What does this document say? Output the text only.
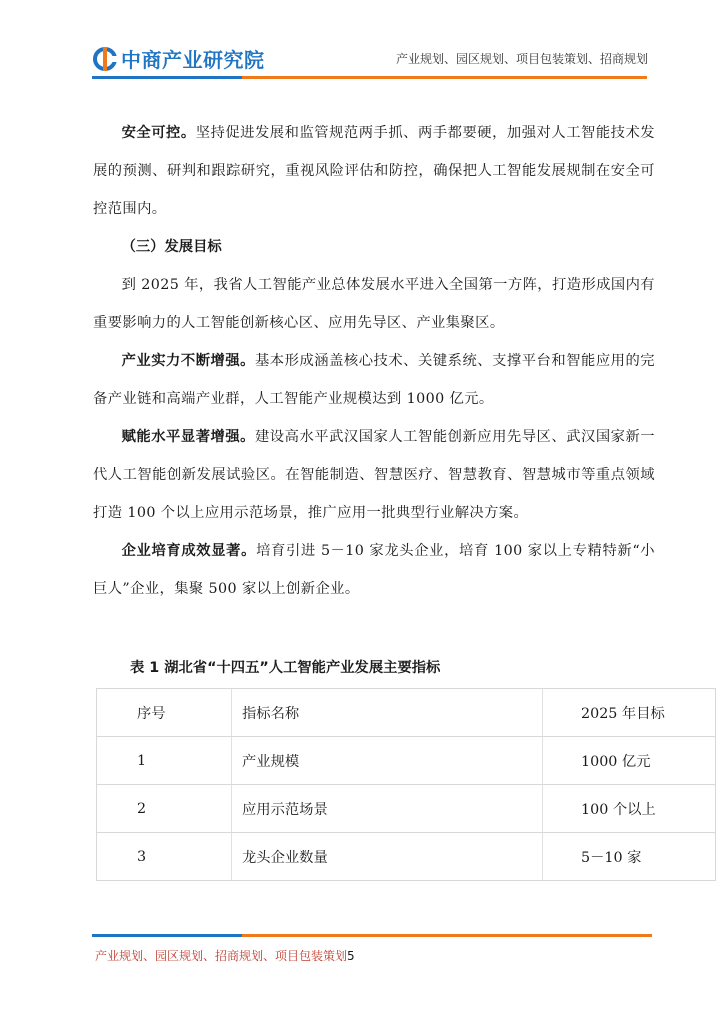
中商产业研究院	产业规划、园区规划、项目包装策划、招商规划

安全可控。坚持促进发展和监管规范两手抓、两手都要硬，加强对人工智能技术发展的预测、研判和跟踪研究，重视风险评估和防控，确保把人工智能发展规制在安全可控范围内。

（三）发展目标

到 2025 年，我省人工智能产业总体发展水平进入全国第一方阵，打造形成国内有重要影响力的人工智能创新核心区、应用先导区、产业集聚区。

产业实力不断增强。基本形成涵盖核心技术、关键系统、支撑平台和智能应用的完备产业链和高端产业群，人工智能产业规模达到 1000 亿元。

赋能水平显著增强。建设高水平武汉国家人工智能创新应用先导区、武汉国家新一代人工智能创新发展试验区。在智能制造、智慧医疗、智慧教育、智慧城市等重点领域打造 100 个以上应用示范场景，推广应用一批典型行业解决方案。

企业培育成效显著。培育引进 5－10 家龙头企业，培育 100 家以上专精特新“小巨人”企业，集聚 500 家以上创新企业。

表 1 湖北省“十四五”人工智能产业发展主要指标
序号	指标名称	2025 年目标
1	产业规模	1000 亿元
2	应用示范场景	100 个以上
3	龙头企业数量	5－10 家
产业规划、园区规划、招商规划、项目包装策划5
